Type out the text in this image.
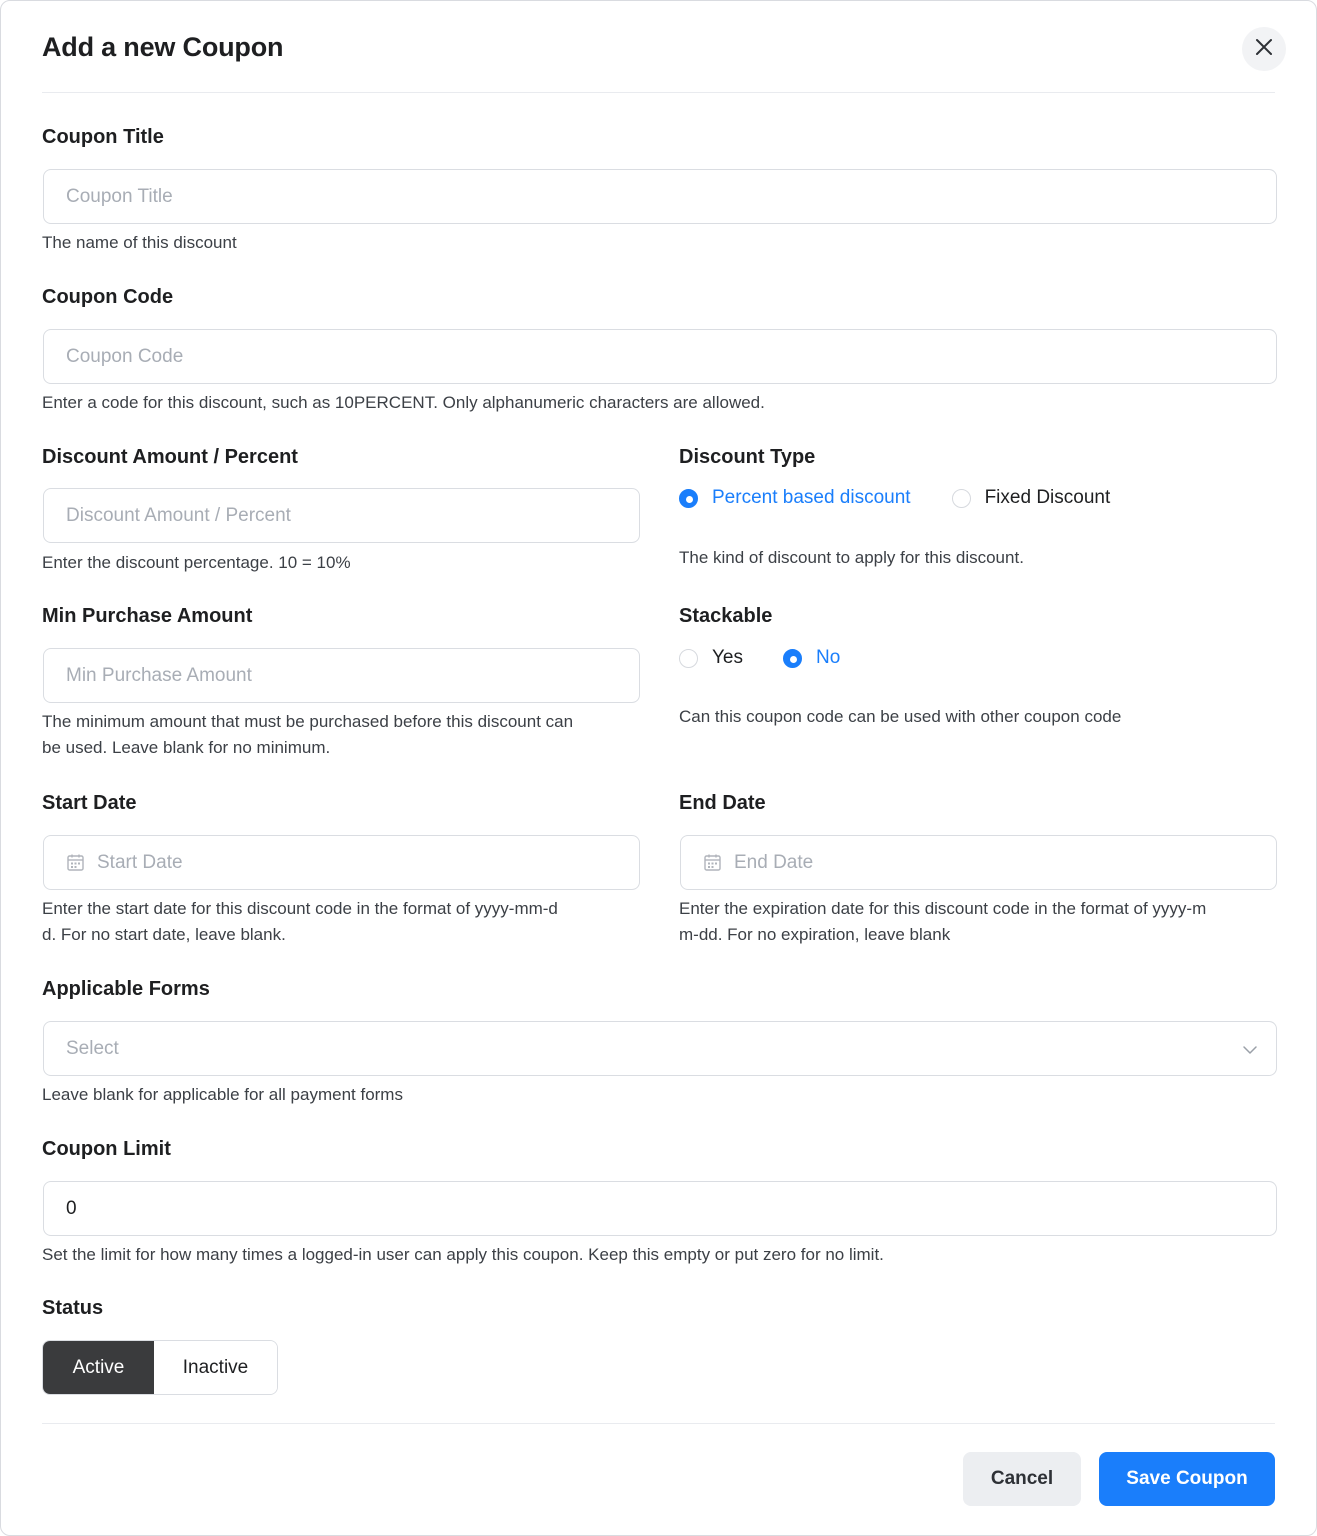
Add a new Coupon
Coupon Title
Coupon Title
The name of this discount
Coupon Code
Coupon Code
Enter a code for this discount, such as 10PERCENT. Only alphanumeric characters are allowed.
Discount Amount / Percent
Discount Amount / Percent
Enter the discount percentage. 10 = 10%
Discount Type
Percent based discount	Fixed Discount
The kind of discount to apply for this discount.
Min Purchase Amount
Min Purchase Amount
The minimum amount that must be purchased before this discount can
be used. Leave blank for no minimum.
Stackable
Yes	No
Can this coupon code can be used with other coupon code
Start Date
Start Date
Enter the start date for this discount code in the format of yyyy-mm-d
d. For no start date, leave blank.
End Date
End Date
Enter the expiration date for this discount code in the format of yyyy-m
m-dd. For no expiration, leave blank
Applicable Forms
Select
Leave blank for applicable for all payment forms
Coupon Limit
0
Set the limit for how many times a logged-in user can apply this coupon. Keep this empty or put zero for no limit.
Status
Active	Inactive
Cancel	Save Coupon
